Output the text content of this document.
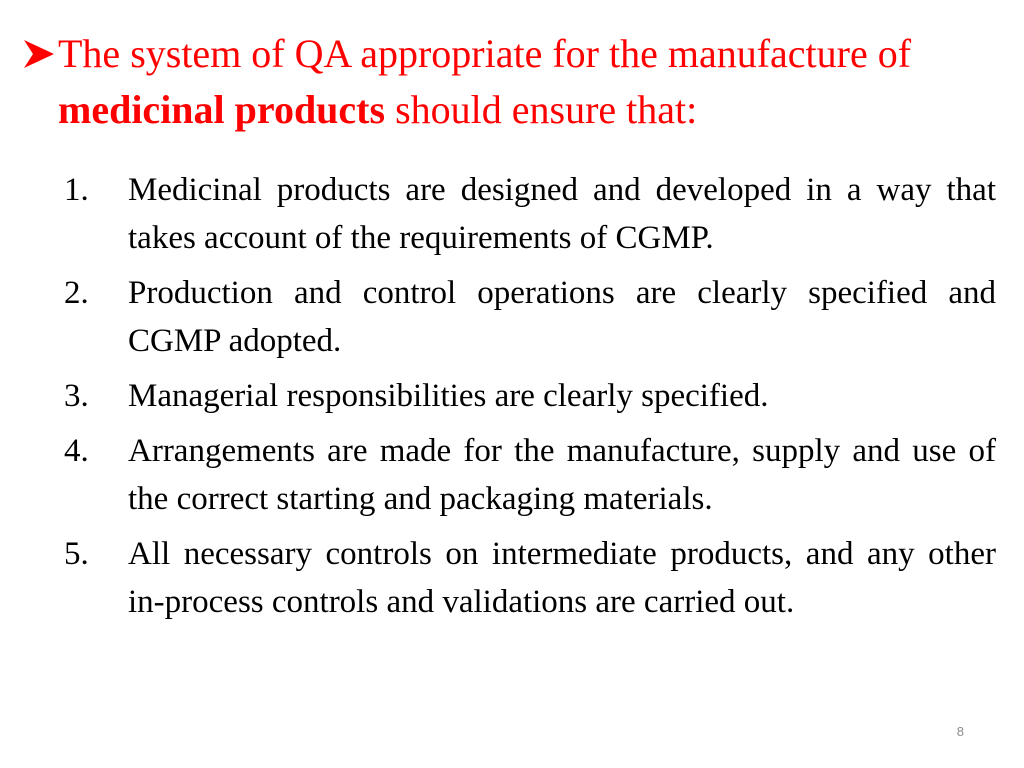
The system of QA appropriate for the manufacture of medicinal products should ensure that:
1.	Medicinal products are designed and developed in a way that takes account of the requirements of CGMP.
2.	Production and control operations are clearly specified and CGMP adopted.
3.	Managerial responsibilities are clearly specified.
4.	Arrangements are made for the manufacture, supply and use of the correct starting and packaging materials.
5.	All necessary controls on intermediate products, and any other in-process controls and validations are carried out.
8
